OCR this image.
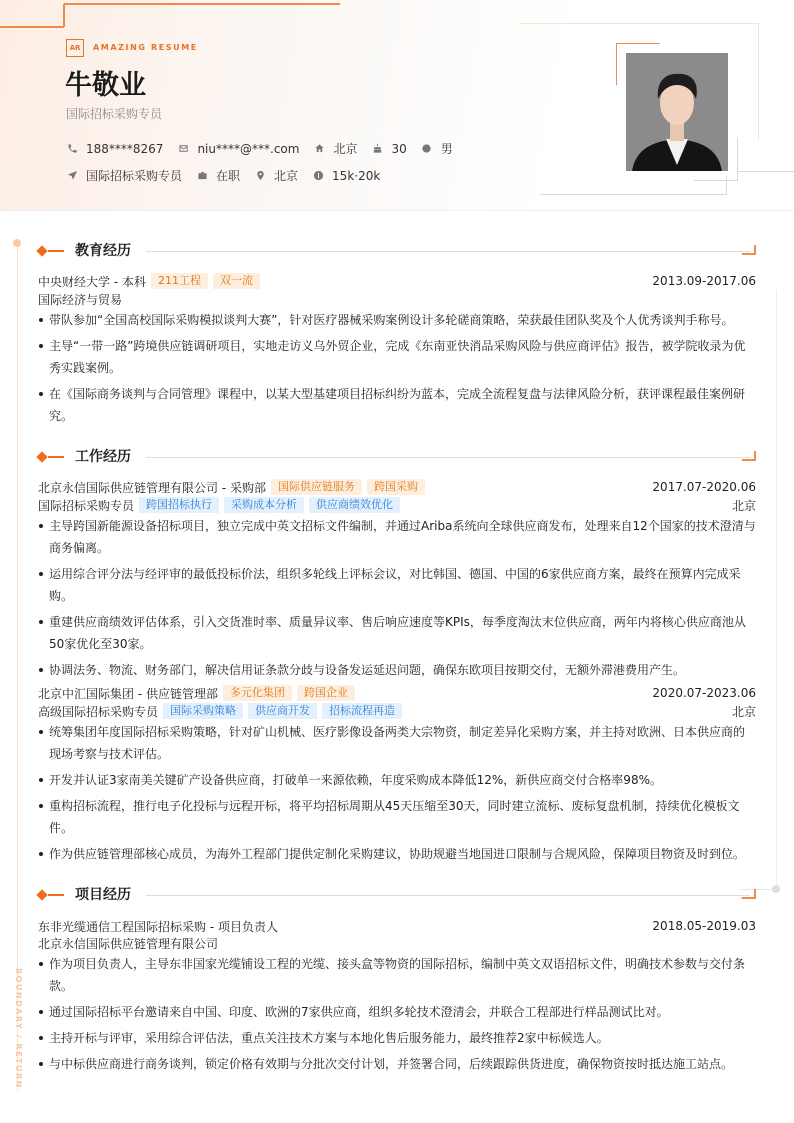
BOUNDARY / RETURN
AR	AMAZING RESUME
牛敬业
国际招标采购专员
188****8267	niu****@***.com	北京	30	男
国际招标采购专员	在职	北京	15k·20k
教育经历
中央财经大学 - 本科	211工程	双一流	2013.09-2017.06
国际经济与贸易
带队参加“全国高校国际采购模拟谈判大赛”，针对医疗器械采购案例设计多轮磋商策略，荣获最佳团队奖及个人优秀谈判手称号。
主导“一带一路”跨境供应链调研项目，实地走访义乌外贸企业，完成《东南亚快消品采购风险与供应商评估》报告，被学院收录为优秀实践案例。
在《国际商务谈判与合同管理》课程中，以某大型基建项目招标纠纷为蓝本，完成全流程复盘与法律风险分析，获评课程最佳案例研究。
工作经历
北京永信国际供应链管理有限公司 - 采购部	国际供应链服务	跨国采购	2017.07-2020.06
国际招标采购专员	跨国招标执行	采购成本分析	供应商绩效优化	北京
主导跨国新能源设备招标项目，独立完成中英文招标文件编制，并通过Ariba系统向全球供应商发布，处理来自12个国家的技术澄清与商务偏离。
运用综合评分法与经评审的最低投标价法，组织多轮线上评标会议，对比韩国、德国、中国的6家供应商方案，最终在预算内完成采购。
重建供应商绩效评估体系，引入交货准时率、质量异议率、售后响应速度等KPIs，每季度淘汰末位供应商，两年内将核心供应商池从50家优化至30家。
协调法务、物流、财务部门，解决信用证条款分歧与设备发运延迟问题，确保东欧项目按期交付，无额外滞港费用产生。
北京中汇国际集团 - 供应链管理部	多元化集团	跨国企业	2020.07-2023.06
高级国际招标采购专员	国际采购策略	供应商开发	招标流程再造	北京
统筹集团年度国际招标采购策略，针对矿山机械、医疗影像设备两类大宗物资，制定差异化采购方案，并主持对欧洲、日本供应商的现场考察与技术评估。
开发并认证3家南美关键矿产设备供应商，打破单一来源依赖，年度采购成本降低12%，新供应商交付合格率98%。
重构招标流程，推行电子化投标与远程开标，将平均招标周期从45天压缩至30天，同时建立流标、废标复盘机制，持续优化模板文件。
作为供应链管理部核心成员，为海外工程部门提供定制化采购建议，协助规避当地国进口限制与合规风险，保障项目物资及时到位。
项目经历
东非光缆通信工程国际招标采购 - 项目负责人	2018.05-2019.03
北京永信国际供应链管理有限公司
作为项目负责人，主导东非国家光缆铺设工程的光缆、接头盒等物资的国际招标，编制中英文双语招标文件，明确技术参数与交付条款。
通过国际招标平台邀请来自中国、印度、欧洲的7家供应商，组织多轮技术澄清会，并联合工程部进行样品测试比对。
主持开标与评审，采用综合评估法，重点关注技术方案与本地化售后服务能力，最终推荐2家中标候选人。
与中标供应商进行商务谈判，锁定价格有效期与分批次交付计划，并签署合同，后续跟踪供货进度，确保物资按时抵达施工站点。
